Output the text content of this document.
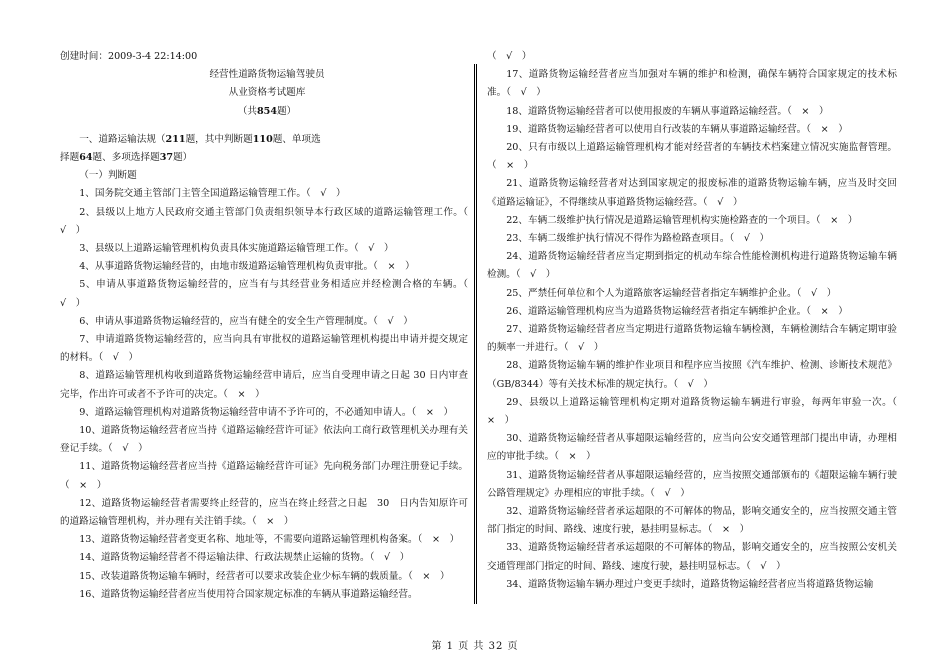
创建时间：2009-3-4 22:14:00
经营性道路货物运输驾驶员
从业资格考试题库
（共854题）
一、道路运输法规（211题，其中判断题110题、单项选
择题64题、多项选择题37题）
（一）判断题
1、国务院交通主管部门主管全国道路运输管理工作。（　√　）
2、县级以上地方人民政府交通主管部门负责组织领导本行政区域的道路运输管理工作。（　√　）
3、县级以上道路运输管理机构负责具体实施道路运输管理工作。（　√　）
4、从事道路货物运输经营的，由地市级道路运输管理机构负责审批。（　×　）
5、申请从事道路货物运输经营的，应当有与其经营业务相适应并经检测合格的车辆。（　√　）
6、申请从事道路货物运输经营的，应当有健全的安全生产管理制度。（　√　）
7、申请道路货物运输经营的，应当向具有审批权的道路运输管理机构提出申请并提交规定的材料。（　√　）
8、道路运输管理机构收到道路货物运输经营申请后，应当自受理申请之日起 30 日内审查完毕，作出许可或者不予许可的决定。（　×　）
9、道路运输管理机构对道路货物运输经营申请不予许可的，不必通知申请人。（　×　）
10、道路货物运输经营者应当持《道路运输经营许可证》依法向工商行政管理机关办理有关登记手续。（　√　）
11、道路货物运输经营者应当持《道路运输经营许可证》先向税务部门办理注册登记手续。（　×　）
12、道路货物运输经营者需要终止经营的，应当在终止经营之日起　30　日内告知原许可的道路运输管理机构，并办理有关注销手续。（　×　）
13、道路货物运输经营者变更名称、地址等，不需要向道路运输管理机构备案。（　×　）
14、道路货物运输经营者不得运输法律、行政法规禁止运输的货物。（　√　）
15、改装道路货物运输车辆时，经营者可以要求改装企业少标车辆的载质量。（　×　）
16、道路货物运输经营者应当使用符合国家规定标准的车辆从事道路运输经营。
（　√　）
17、道路货物运输经营者应当加强对车辆的维护和检测，确保车辆符合国家规定的技术标准。（　√　）
18、道路货物运输经营者可以使用报废的车辆从事道路运输经营。（　×　）
19、道路货物运输经营者可以使用自行改装的车辆从事道路运输经营。（　×　）
20、只有市级以上道路运输管理机构才能对经营者的车辆技术档案建立情况实施监督管理。（　×　）
21、道路货物运输经营者对达到国家规定的报废标准的道路货物运输车辆，应当及时交回《道路运输证》，不得继续从事道路货物运输经营。（　√　）
22、车辆二级维护执行情况是道路运输管理机构实施检路查的一个项目。（　×　）
23、车辆二级维护执行情况不得作为路检路查项目。（　√　）
24、道路货物运输经营者应当定期到指定的机动车综合性能检测机构进行道路货物运输车辆检测。（　√　）
25、严禁任何单位和个人为道路旅客运输经营者指定车辆维护企业。（　√　）
26、道路运输管理机构应当为道路货物运输经营者指定车辆维护企业。（　×　）
27、道路货物运输经营者应当定期进行道路货物运输车辆检测，车辆检测结合车辆定期审验的频率一并进行。（　√　）
28、道路货物运输车辆的维护作业项目和程序应当按照《汽车维护、检测、诊断技术规范》（GB/8344）等有关技术标准的规定执行。（　√　）
29、县级以上道路运输管理机构定期对道路货物运输车辆进行审验，每两年审验一次。（　×　）
30、道路货物运输经营者从事超限运输经营的，应当向公安交通管理部门提出申请，办理相应的审批手续。（　×　）
31、道路货物运输经营者从事超限运输经营的，应当按照交通部颁布的《超限运输车辆行驶公路管理规定》办理相应的审批手续。（　√　）
32、道路货物运输经营者承运超限的不可解体的物品，影响交通安全的，应当按照交通主管部门指定的时间、路线、速度行驶，悬挂明显标志。（　×　）
33、道路货物运输经营者承运超限的不可解体的物品，影响交通安全的，应当按照公安机关交通管理部门指定的时间、路线、速度行驶，悬挂明显标志。（　√　）
34、道路货物运输车辆办理过户变更手续时，道路货物运输经营者应当将道路货物运输
第 1 页 共 32 页
